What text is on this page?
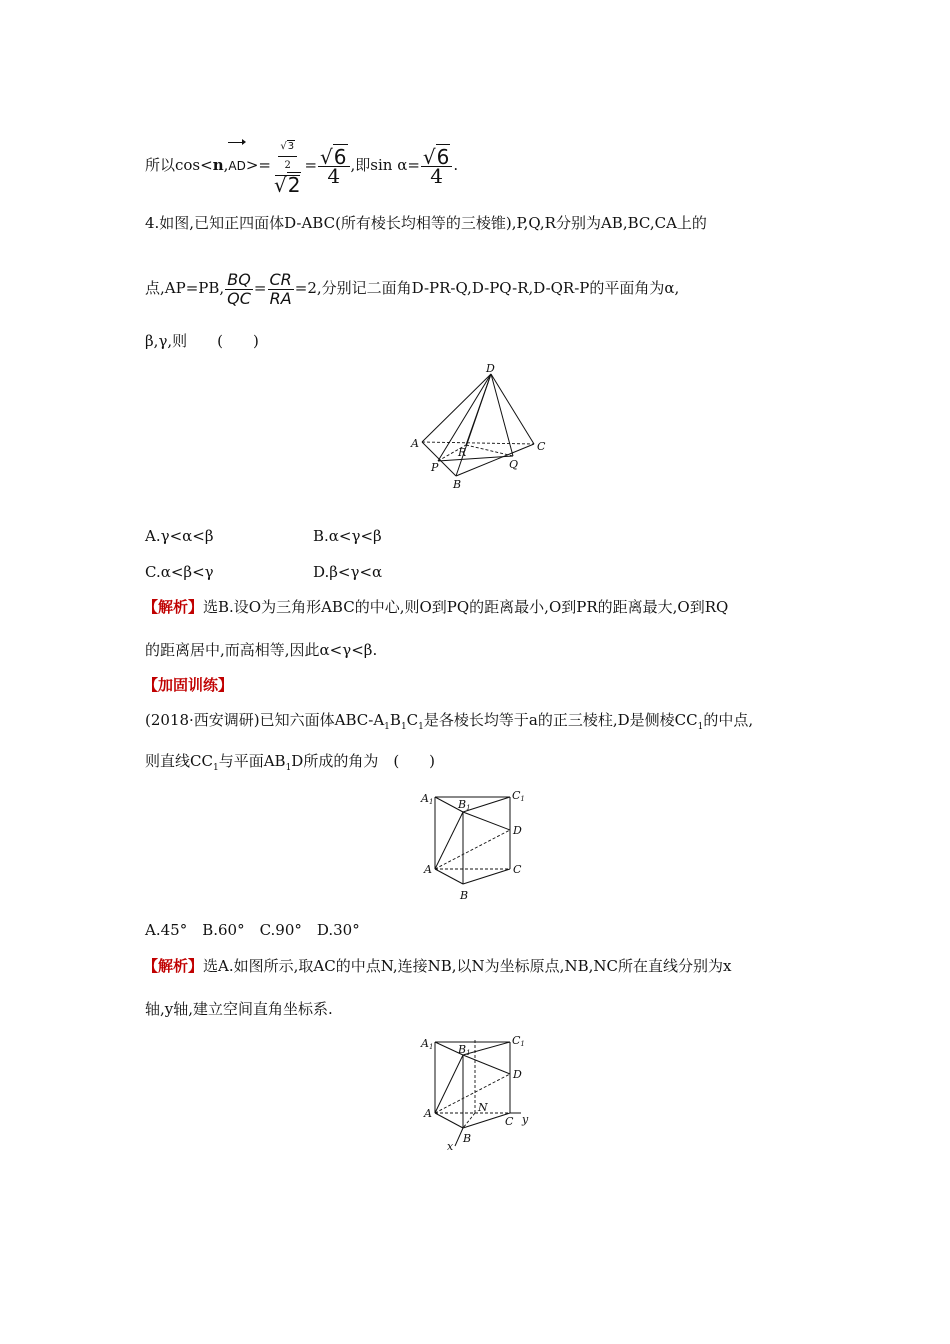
所以$\cos<n,AD>= \frac{\frac{√3}{2}}{√2} = \frac{√6}{4}$ ,即$\sin \alpha= \frac{√6}{4}$ .
4.如图,已知正四面体D-ABC(所有棱长均相等的三棱锥),P,Q,R分别为AB,BC,CA上的
点,AP=PB, $\frac{BQ}{QC} = \frac{CR}{RA} =2$,分别记二面角D-PR-Q,D-PQ-R,D-QR-P的平面角为α,
β,γ,则　　(　　)
D
A
R	C
P	Q
B
A.γ<α<β	B.α<γ<β
C.α<β<γ	D.β<γ<α
【解析】选B.设O为三角形ABC的中心,则O到PQ的距离最小,O到PR的距离最大,O到RQ
的距离居中,而高相等,因此α<γ<β.
【加固训练】
(2018·西安调研)已知六面体ABC-$A_1B_1C_1$是各棱长均等于a的正三棱柱,D是侧棱$CC_1$的中点,
则直线$CC_1$与平面$AB_1D$所成的角为　(　　)
A1 B1
C1
D
A	C
B
A.45°　B.60°　C.90°　D.30°
【解析】选A.如图所示,取AC的中点N,连接NB,以N为坐标原点,NB,NC所在直线分别为x
轴,y轴,建立空间直角坐标系.
A1 B1
C1
D
A	N
C y
B
x
